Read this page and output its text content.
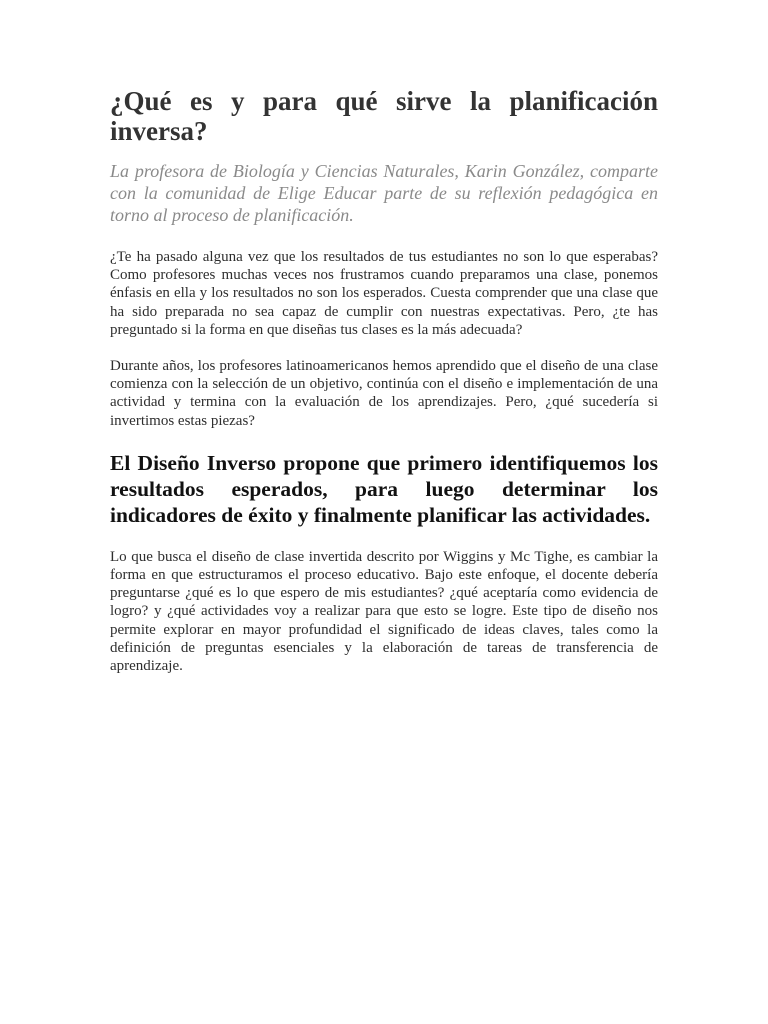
¿Qué es y para qué sirve la planificación inversa?

La profesora de Biología y Ciencias Naturales, Karin González, comparte con la comunidad de Elige Educar parte de su reflexión pedagógica en torno al proceso de planificación.

¿Te ha pasado alguna vez que los resultados de tus estudiantes no son lo que esperabas? Como profesores muchas veces nos frustramos cuando preparamos una clase, ponemos énfasis en ella y los resultados no son los esperados. Cuesta comprender que una clase que ha sido preparada no sea capaz de cumplir con nuestras expectativas. Pero, ¿te has preguntado si la forma en que diseñas tus clases es la más adecuada?

Durante años, los profesores latinoamericanos hemos aprendido que el diseño de una clase comienza con la selección de un objetivo, continúa con el diseño e implementación de una actividad y termina con la evaluación de los aprendizajes. Pero, ¿qué sucedería si invertimos estas piezas?

El Diseño Inverso propone que primero identifiquemos los resultados esperados, para luego determinar los indicadores de éxito y finalmente planificar las actividades.

Lo que busca el diseño de clase invertida descrito por Wiggins y Mc Tighe, es cambiar la forma en que estructuramos el proceso educativo. Bajo este enfoque, el docente debería preguntarse ¿qué es lo que espero de mis estudiantes? ¿qué aceptaría como evidencia de logro? y ¿qué actividades voy a realizar para que esto se logre. Este tipo de diseño nos permite explorar en mayor profundidad el significado de ideas claves, tales como la definición de preguntas esenciales y la elaboración de tareas de transferencia de aprendizaje.
